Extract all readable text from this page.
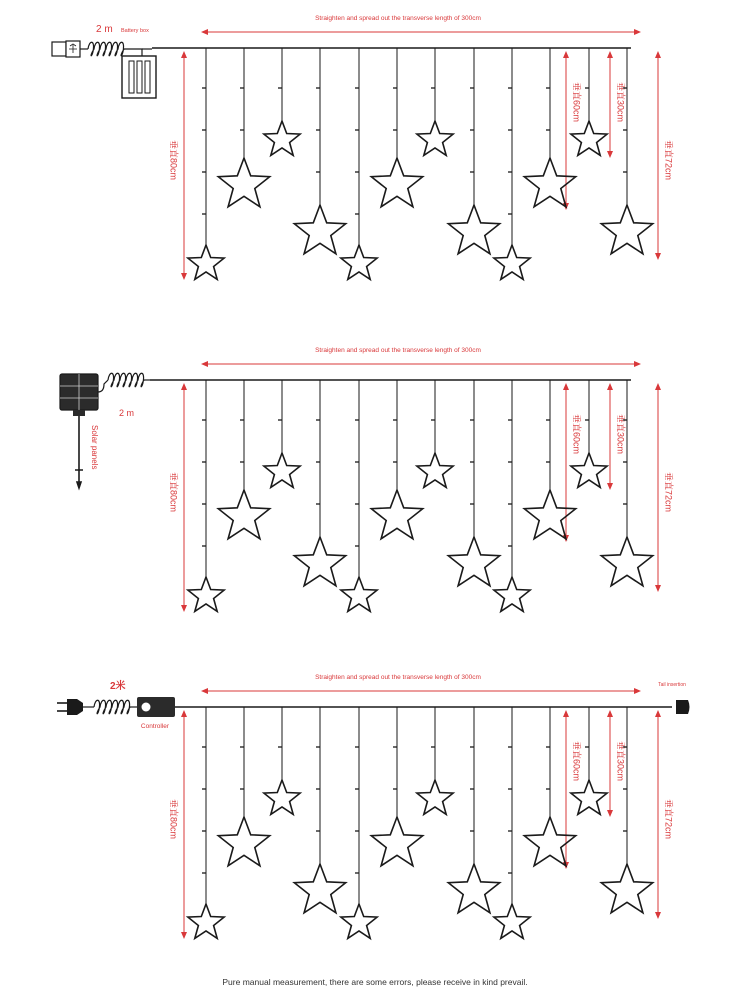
Straighten and spread out the transverse length of 300cm
垂直80cm
垂直60cm	垂直30cm
垂直72cm
2 m Battery box
Straighten and spread out the transverse length of 300cm
垂直80cm
垂直60cm	垂直30cm
垂直72cm
2 m
Solar panels
Straighten and spread out the transverse length of 300cm
垂直80cm
垂直60cm	垂直30cm
垂直72cm
2米
Controller
Tail insertion
Pure manual measurement, there are some errors, please receive in kind prevail.
